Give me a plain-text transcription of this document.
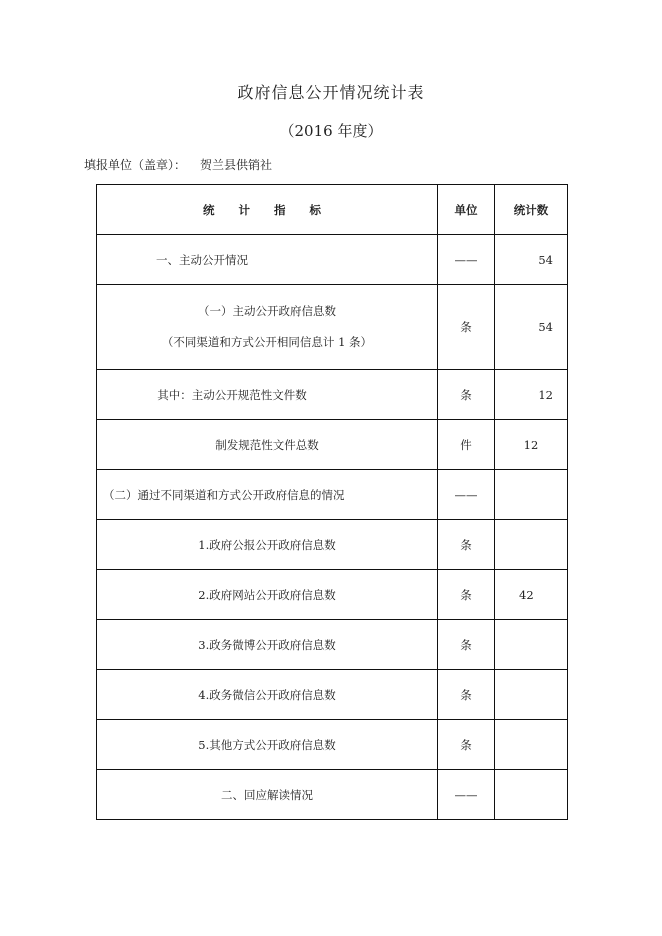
政府信息公开情况统计表
（2016 年度）
填报单位（盖章）： 贺兰县供销社
统 计 指 标	单位	统计数
一、主动公开情况	——	54

（一）主动公开政府信息数
（不同渠道和方式公开相同信息计 1 条）	条	54
其中：主动公开规范性文件数	条	12
制发规范性文件总数	件	12
（二）通过不同渠道和方式公开政府信息的情况	——	
1.政府公报公开政府信息数	条	
2.政府网站公开政府信息数	条	42
3.政务微博公开政府信息数	条	
4.政务微信公开政府信息数	条	
5.其他方式公开政府信息数	条	
二、回应解读情况	——	
